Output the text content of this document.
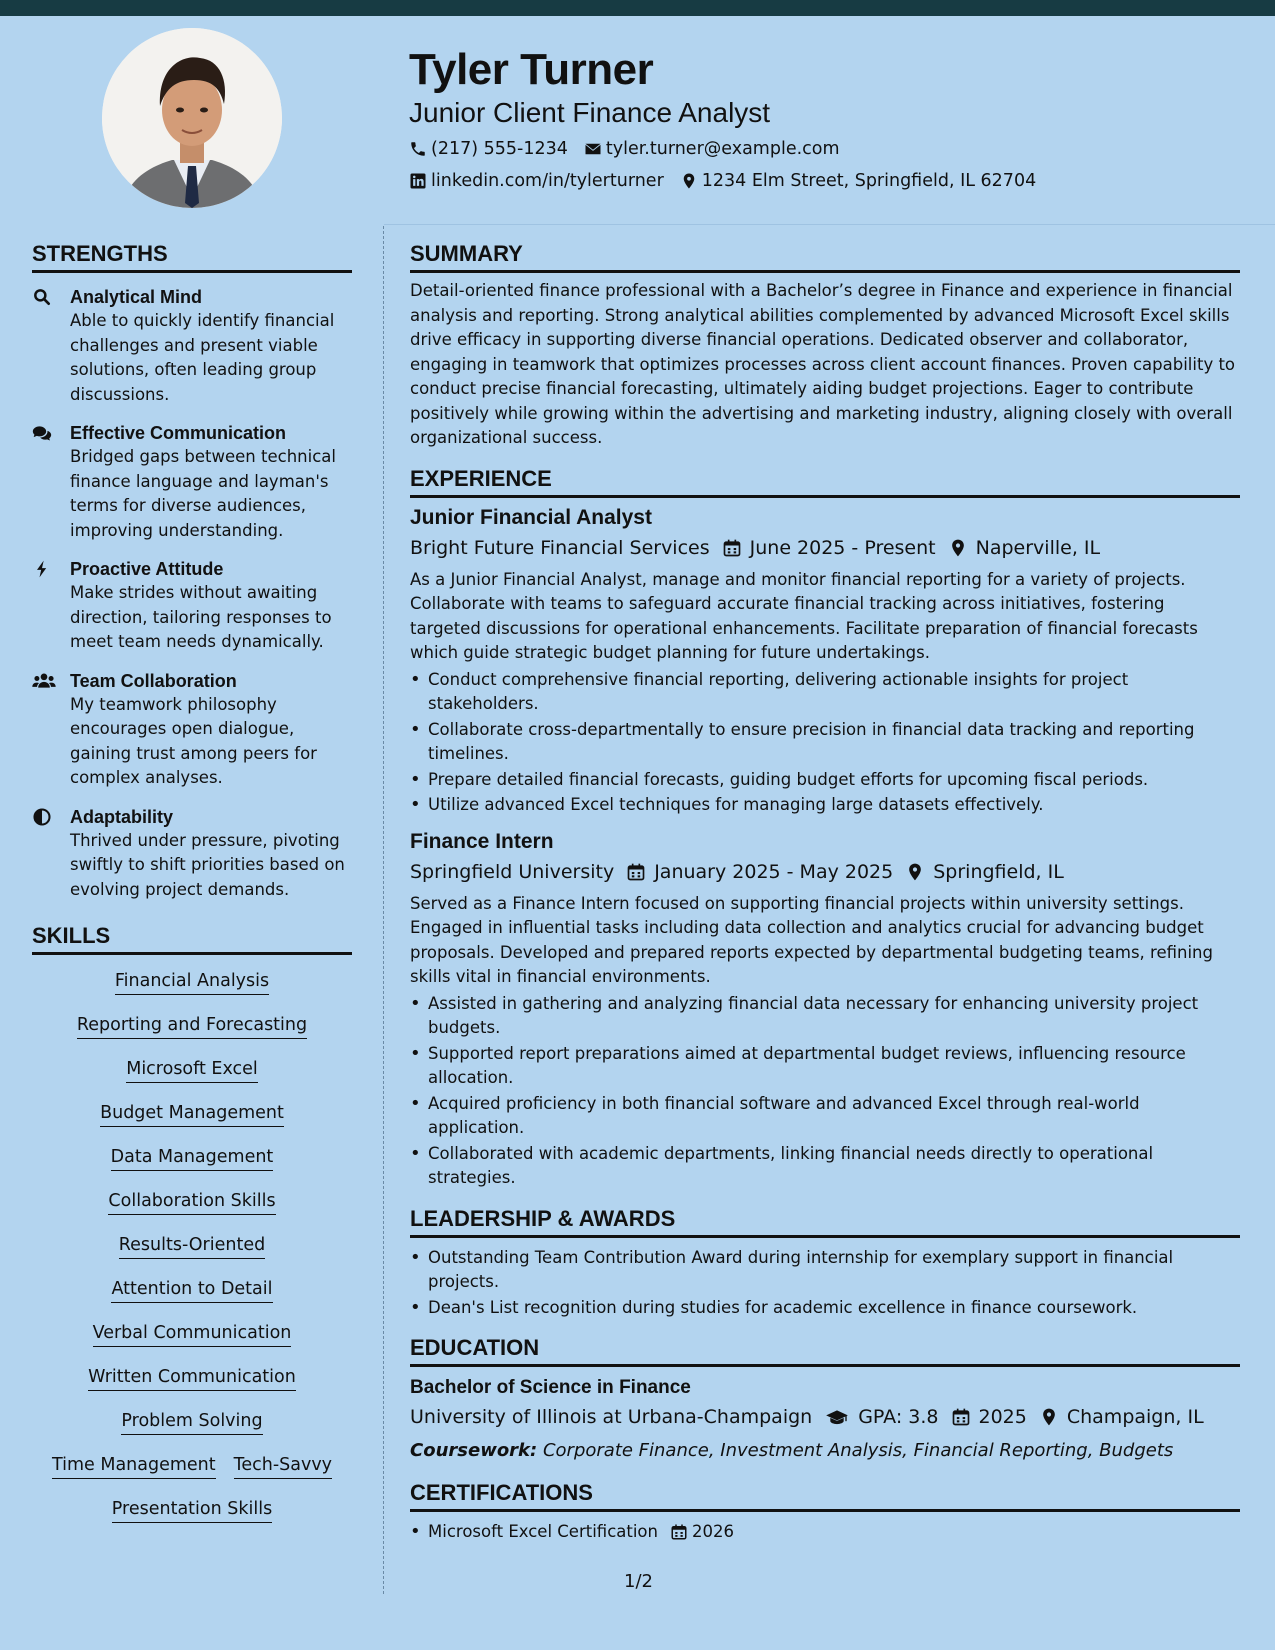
Tyler Turner
Junior Client Finance Analyst
(217) 555-1234 tyler.turner@example.com
linkedin.com/in/tylerturner 1234 Elm Street, Springfield, IL 62704
STRENGTHS
Analytical Mind
Able to quickly identify financial challenges and present viable solutions, often leading group discussions.
Effective Communication
Bridged gaps between technical finance language and layman's terms for diverse audiences, improving understanding.
Proactive Attitude
Make strides without awaiting direction, tailoring responses to meet team needs dynamically.
Team Collaboration
My teamwork philosophy encourages open dialogue, gaining trust among peers for complex analyses.
Adaptability
Thrived under pressure, pivoting swiftly to shift priorities based on evolving project demands.
SKILLS
Financial Analysis
Reporting and Forecasting
Microsoft Excel
Budget Management
Data Management
Collaboration Skills
Results-Oriented
Attention to Detail
Verbal Communication
Written Communication
Problem Solving
Time Management Tech-Savvy
Presentation Skills
SUMMARY
Detail-oriented finance professional with a Bachelor’s degree in Finance and experience in financial analysis and reporting. Strong analytical abilities complemented by advanced Microsoft Excel skills drive efficacy in supporting diverse financial operations. Dedicated observer and collaborator, engaging in teamwork that optimizes processes across client account finances. Proven capability to conduct precise financial forecasting, ultimately aiding budget projections. Eager to contribute positively while growing within the advertising and marketing industry, aligning closely with overall organizational success.
EXPERIENCE
Junior Financial Analyst
Bright Future Financial Services June 2025 - Present Naperville, IL
As a Junior Financial Analyst, manage and monitor financial reporting for a variety of projects. Collaborate with teams to safeguard accurate financial tracking across initiatives, fostering targeted discussions for operational enhancements. Facilitate preparation of financial forecasts which guide strategic budget planning for future undertakings.
• Conduct comprehensive financial reporting, delivering actionable insights for project stakeholders.
• Collaborate cross-departmentally to ensure precision in financial data tracking and reporting timelines.
• Prepare detailed financial forecasts, guiding budget efforts for upcoming fiscal periods.
• Utilize advanced Excel techniques for managing large datasets effectively.
Finance Intern
Springfield University January 2025 - May 2025 Springfield, IL
Served as a Finance Intern focused on supporting financial projects within university settings. Engaged in influential tasks including data collection and analytics crucial for advancing budget proposals. Developed and prepared reports expected by departmental budgeting teams, refining skills vital in financial environments.
• Assisted in gathering and analyzing financial data necessary for enhancing university project budgets.
• Supported report preparations aimed at departmental budget reviews, influencing resource allocation.
• Acquired proficiency in both financial software and advanced Excel through real-world application.
• Collaborated with academic departments, linking financial needs directly to operational strategies.
LEADERSHIP & AWARDS
• Outstanding Team Contribution Award during internship for exemplary support in financial projects.
• Dean's List recognition during studies for academic excellence in finance coursework.
EDUCATION
Bachelor of Science in Finance
University of Illinois at Urbana-Champaign GPA: 3.8 2025 Champaign, IL
Coursework: Corporate Finance, Investment Analysis, Financial Reporting, Budgets
CERTIFICATIONS
• Microsoft Excel Certification 2026
1/2
